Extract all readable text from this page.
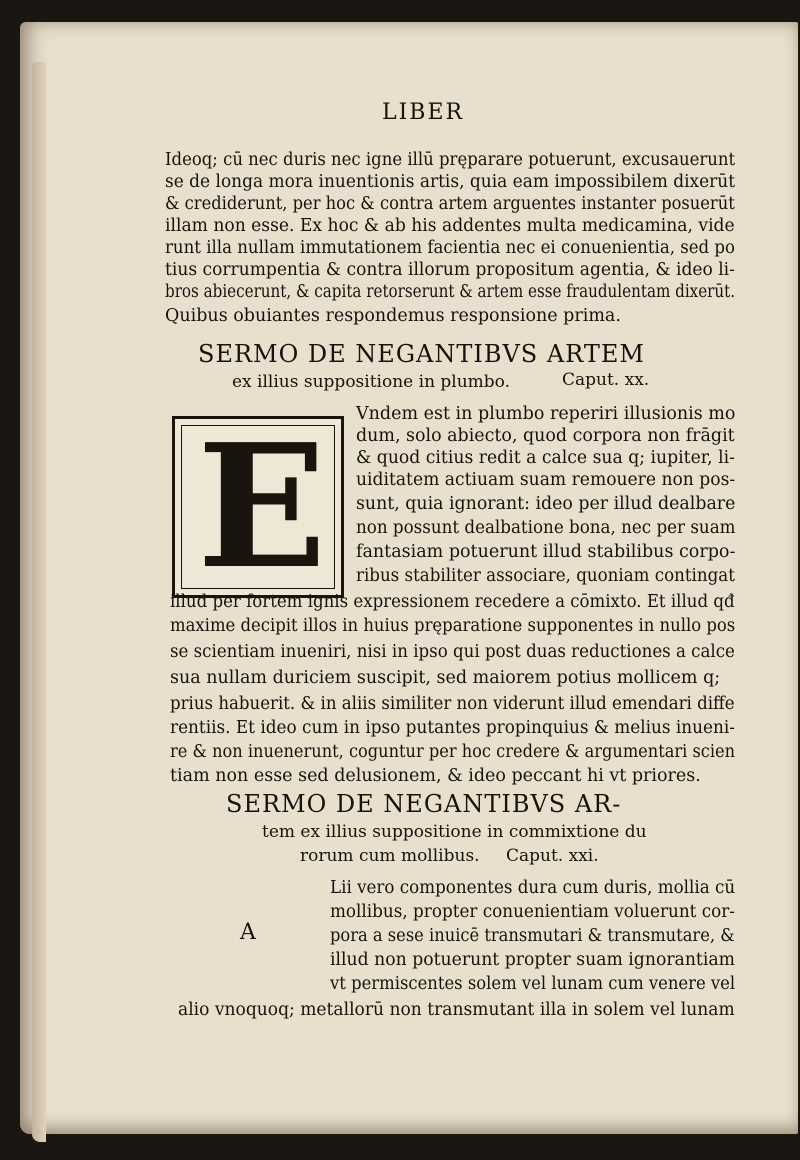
LIBER
Ideoq; cū nec duris nec igne illū pręparare potuerunt, excusauerunt
se de longa mora inuentionis artis, quia eam impossibilem dixerūt
& crediderunt, per hoc & contra artem arguentes instanter posuerūt
illam non esse. Ex hoc & ab his addentes multa medicamina, vide
runt illa nullam immutationem facientia nec ei conuenientia, sed po
tius corrumpentia & contra illorum propositum agentia, & ideo li-
bros abiecerunt, & capita retorserunt & artem esse fraudulentam dixerūt.
Quibus obuiantes respondemus responsione prima.
SERMO DE NEGANTIBVS ARTEM
ex illius suppositione in plumbo.	Caput. xx.
E Vndem est in plumbo reperiri illusionis mo
dum, solo abiecto, quod corpora non frāgit
& quod citius redit a calce sua q; iupiter, li-
uiditatem actiuam suam remouere non pos-
sunt, quia ignorant: ideo per illud dealbare
non possunt dealbatione bona, nec per suam
fantasiam potuerunt illud stabilibus corpo-
ribus stabiliter associare, quoniam contingat
illud per fortem ignis expressionem recedere a cōmixto. Et illud qđ
maxime decipit illos in huius pręparatione supponentes in nullo pos
se scientiam inueniri, nisi in ipso qui post duas reductiones a calce
sua nullam duriciem suscipit, sed maiorem potius mollicem q;
prius habuerit. & in aliis similiter non viderunt illud emendari diffe
rentiis. Et ideo cum in ipso putantes propinquius & melius inueni-
re & non inuenerunt, coguntur per hoc credere & argumentari scien
tiam non esse sed delusionem, & ideo peccant hi vt priores.
SERMO DE NEGANTIBVS AR-
tem ex illius suppositione in commixtione du
rorum cum mollibus. Caput. xxi.
A
Lii vero componentes dura cum duris, mollia cū
mollibus, propter conuenientiam voluerunt cor-
pora a sese inuicē transmutari & transmutare, &
illud non potuerunt propter suam ignorantiam
vt permiscentes solem vel lunam cum venere vel
alio vnoquoq; metallorū non transmutant illa in solem vel lunam
